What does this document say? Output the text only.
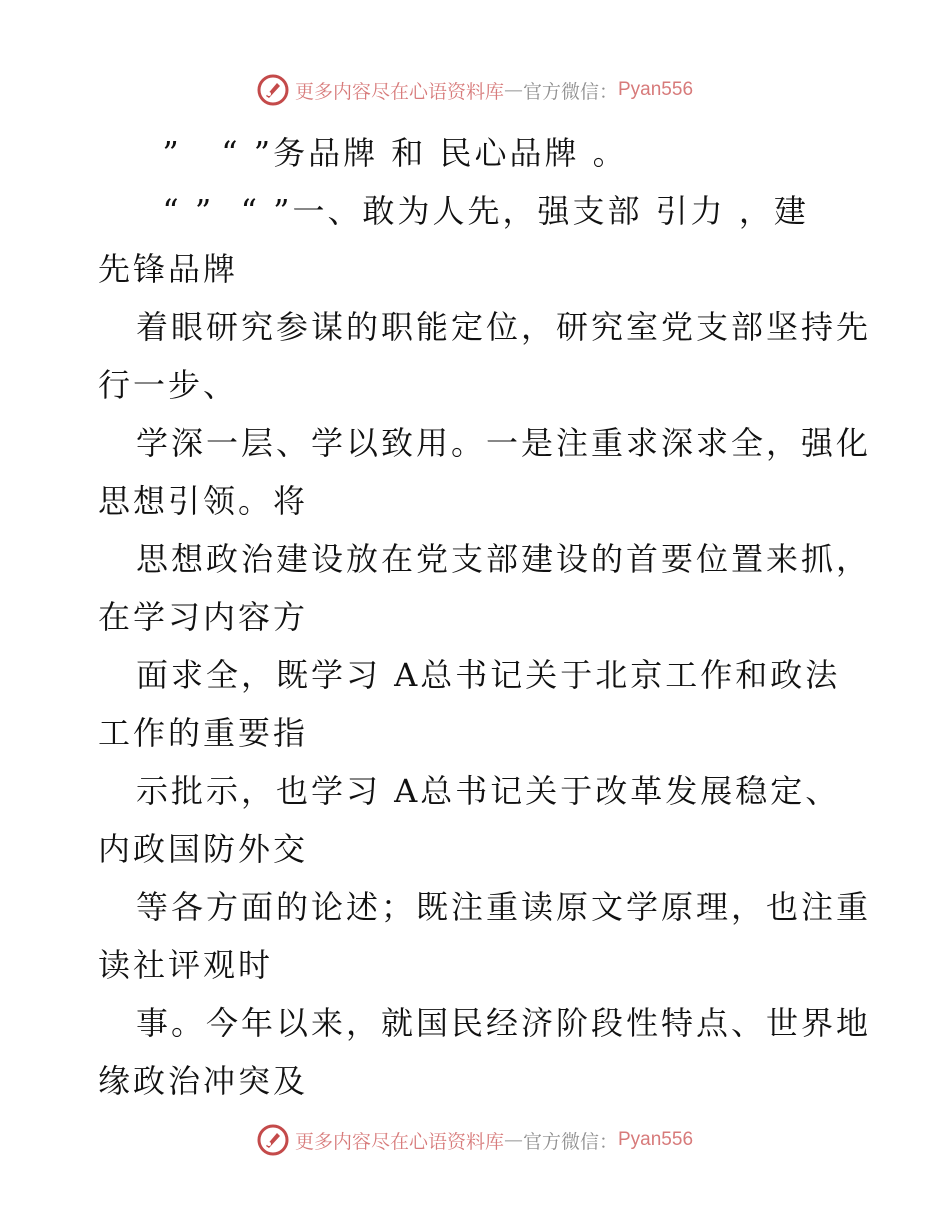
更多内容尽在心语资料库 — 官方微信： Pyan556
”   “ ”务品牌 和 民心品牌 。
“ ”  “ ”一、敢为人先，强支部 引力 ，建
先锋品牌
着眼研究参谋的职能定位，研究室党支部坚持先
行一步、
学深一层、学以致用。一是注重求深求全，强化
思想引领。将
思想政治建设放在党支部建设的首要位置来抓，
在学习内容方
面求全，既学习 A总书记关于北京工作和政法
工作的重要指
示批示，也学习 A总书记关于改革发展稳定、
内政国防外交
等各方面的论述；既注重读原文学原理，也注重
读社评观时
事。今年以来，就国民经济阶段性特点、世界地
缘政治冲突及
更多内容尽在心语资料库 — 官方微信： Pyan556
